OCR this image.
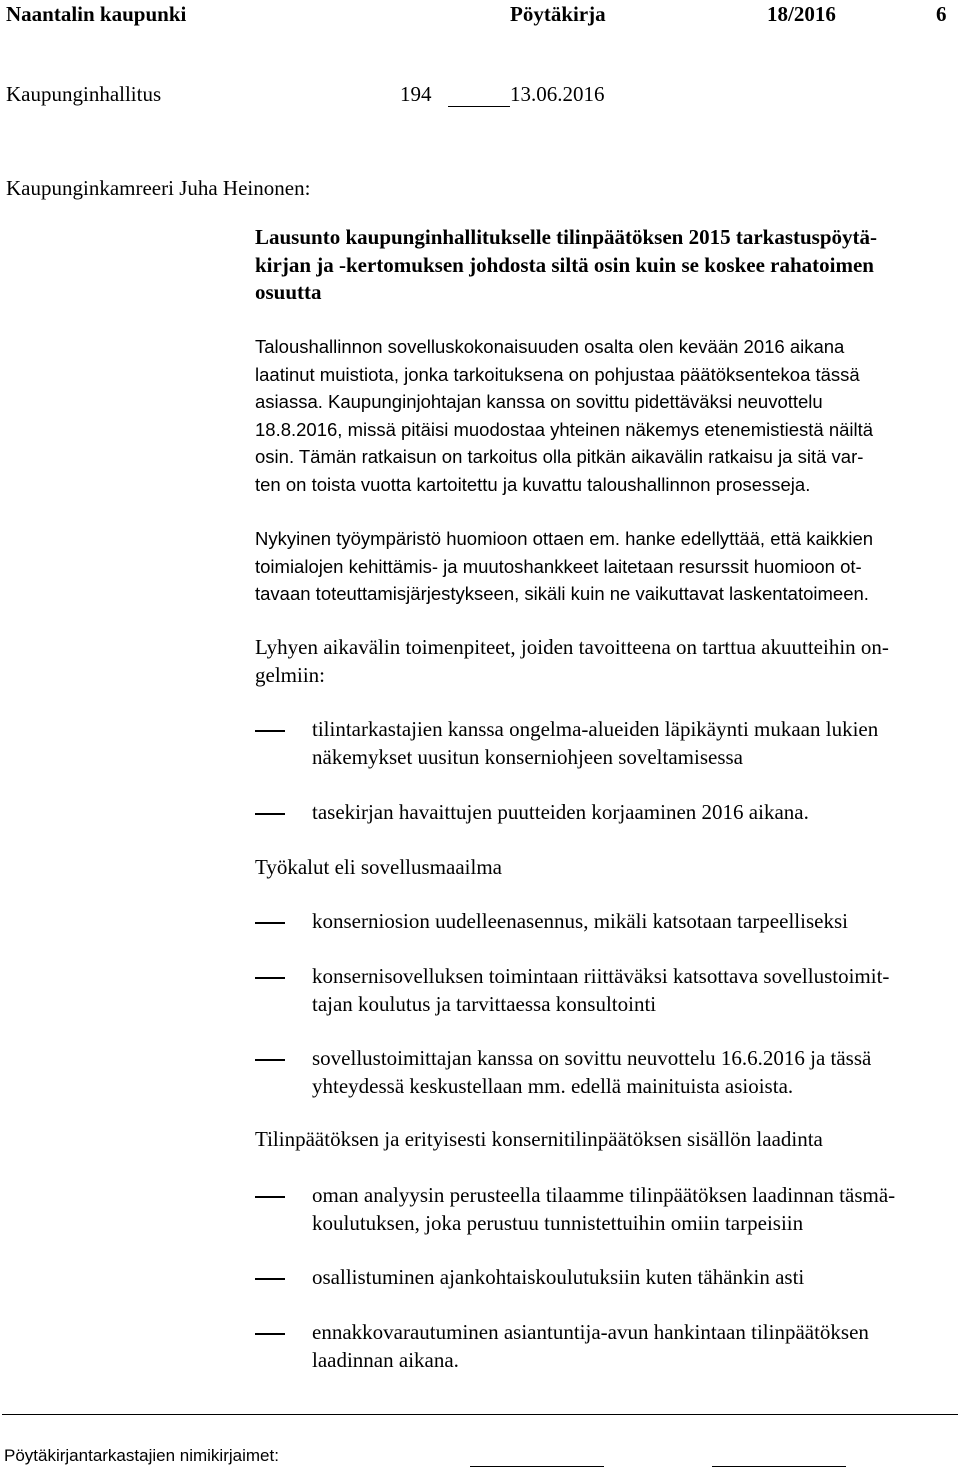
Naantalin kaupunki	Pöytäkirja	18/2016	6
Kaupunginhallitus	194	13.06.2016
Kaupunginkamreeri Juha Heinonen:
Lausunto kaupunginhallitukselle tilinpäätöksen 2015 tarkastuspöytä-
kirjan ja -kertomuksen johdosta siltä osin kuin se koskee rahatoimen
osuutta
Taloushallinnon sovelluskokonaisuuden osalta olen kevään 2016 aikana
laatinut muistiota, jonka tarkoituksena on pohjustaa päätöksentekoa tässä
asiassa. Kaupunginjohtajan kanssa on sovittu pidettäväksi neuvottelu
18.8.2016, missä pitäisi muodostaa yhteinen näkemys etenemistiestä näiltä
osin. Tämän ratkaisun on tarkoitus olla pitkän aikavälin ratkaisu ja sitä var-
ten on toista vuotta kartoitettu ja kuvattu taloushallinnon prosesseja.
Nykyinen työympäristö huomioon ottaen em. hanke edellyttää, että kaikkien
toimialojen kehittämis- ja muutoshankkeet laitetaan resurssit huomioon ot-
tavaan toteuttamisjärjestykseen, sikäli kuin ne vaikuttavat laskentatoimeen.
Lyhyen aikavälin toimenpiteet, joiden tavoitteena on tarttua akuutteihin on-
gelmiin:
tilintarkastajien kanssa ongelma-alueiden läpikäynti mukaan lukien
näkemykset uusitun konserniohjeen soveltamisessa
tasekirjan havaittujen puutteiden korjaaminen 2016 aikana.
Työkalut eli sovellusmaailma
konserniosion uudelleenasennus, mikäli katsotaan tarpeelliseksi
konsernisovelluksen toimintaan riittäväksi katsottava sovellustoimit-
tajan koulutus ja tarvittaessa konsultointi
sovellustoimittajan kanssa on sovittu neuvottelu 16.6.2016 ja tässä
yhteydessä keskustellaan mm. edellä mainituista asioista.
Tilinpäätöksen ja erityisesti konsernitilinpäätöksen sisällön laadinta
oman analyysin perusteella tilaamme tilinpäätöksen laadinnan täsmä-
koulutuksen, joka perustuu tunnistettuihin omiin tarpeisiin
osallistuminen ajankohtaiskoulutuksiin kuten tähänkin asti
ennakkovarautuminen asiantuntija-avun hankintaan tilinpäätöksen
laadinnan aikana.
Pöytäkirjantarkastajien nimikirjaimet:
